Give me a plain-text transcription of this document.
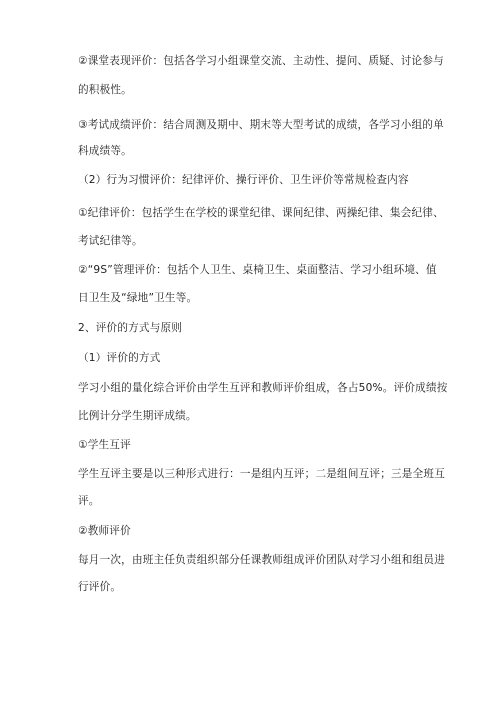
②课堂表现评价：包括各学习小组课堂交流、主动性、提问、质疑、讨论参与
的积极性。
③考试成绩评价：结合周测及期中、期末等大型考试的成绩，各学习小组的单
科成绩等。
（2）行为习惯评价：纪律评价、操行评价、卫生评价等常规检查内容
①纪律评价：包括学生在学校的课堂纪律、课间纪律、两操纪律、集会纪律、
考试纪律等。
②“9S”管理评价：包括个人卫生、桌椅卫生、桌面整洁、学习小组环境、值
日卫生及“绿地”卫生等。
2、评价的方式与原则
（1）评价的方式
学习小组的量化综合评价由学生互评和教师评价组成，各占50%。评价成绩按
比例计分学生期评成绩。
①学生互评
学生互评主要是以三种形式进行：一是组内互评；二是组间互评；三是全班互
评。
②教师评价
每月一次，由班主任负责组织部分任课教师组成评价团队对学习小组和组员进
行评价。
